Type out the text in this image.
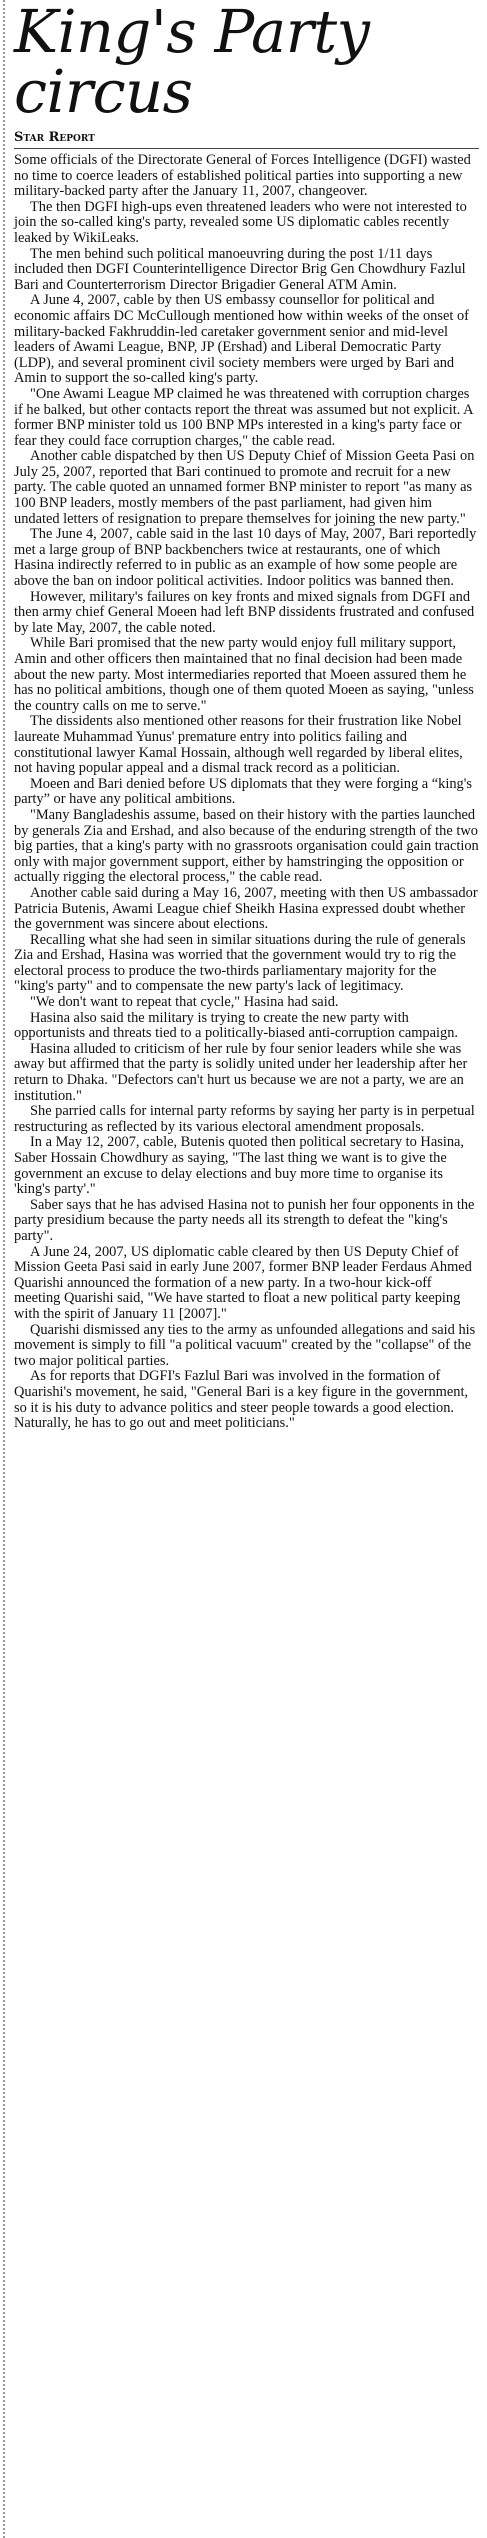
King's Party circus
Star Report

Some officials of the Directorate General of Forces Intelligence (DGFI) wasted no time to coerce leaders of established political parties into supporting a new military-backed party after the January 11, 2007, changeover.

The then DGFI high-ups even threatened leaders who were not interested to join the so-called king's party, revealed some US diplomatic cables recently leaked by WikiLeaks.

The men behind such political manoeuvring during the post 1/11 days included then DGFI Counterintelligence Director Brig Gen Chowdhury Fazlul Bari and Counterterrorism Director Brigadier General ATM Amin.

A June 4, 2007, cable by then US embassy counsellor for political and economic affairs DC McCullough mentioned how within weeks of the onset of military-backed Fakhruddin-led caretaker government senior and mid-level leaders of Awami League, BNP, JP (Ershad) and Liberal Democratic Party (LDP), and several prominent civil society members were urged by Bari and Amin to support the so-called king's party.

"One Awami League MP claimed he was threatened with corruption charges if he balked, but other contacts report the threat was assumed but not explicit. A former BNP minister told us 100 BNP MPs interested in a king's party face or fear they could face corruption charges," the cable read.

Another cable dispatched by then US Deputy Chief of Mission Geeta Pasi on July 25, 2007, reported that Bari continued to promote and recruit for a new party. The cable quoted an unnamed former BNP minister to report "as many as 100 BNP leaders, mostly members of the past parliament, had given him undated letters of resignation to prepare themselves for joining the new party."

The June 4, 2007, cable said in the last 10 days of May, 2007, Bari reportedly met a large group of BNP backbenchers twice at restaurants, one of which Hasina indirectly referred to in public as an example of how some people are above the ban on indoor political activities. Indoor politics was banned then.

However, military's failures on key fronts and mixed signals from DGFI and then army chief General Moeen had left BNP dissidents frustrated and confused by late May, 2007, the cable noted.

While Bari promised that the new party would enjoy full military support, Amin and other officers then maintained that no final decision had been made about the new party. Most intermediaries reported that Moeen assured them he has no political ambitions, though one of them quoted Moeen as saying, "unless the country calls on me to serve."

The dissidents also mentioned other reasons for their frustration like Nobel laureate Muhammad Yunus' premature entry into politics failing and constitutional lawyer Kamal Hossain, although well regarded by liberal elites, not having popular appeal and a dismal track record as a politician.

Moeen and Bari denied before US diplomats that they were forging a “king's party” or have any political ambitions.

"Many Bangladeshis assume, based on their history with the parties launched by generals Zia and Ershad, and also because of the enduring strength of the two big parties, that a king's party with no grassroots organisation could gain traction only with major government support, either by hamstringing the opposition or actually rigging the electoral process," the cable read.

Another cable said during a May 16, 2007, meeting with then US ambassador Patricia Butenis, Awami League chief Sheikh Hasina expressed doubt whether the government was sincere about elections.

Recalling what she had seen in similar situations during the rule of generals Zia and Ershad, Hasina was worried that the government would try to rig the electoral process to produce the two-thirds parliamentary majority for the "king's party" and to compensate the new party's lack of legitimacy.

"We don't want to repeat that cycle," Hasina had said.

Hasina also said the military is trying to create the new party with opportunists and threats tied to a politically-biased anti-corruption campaign.

Hasina alluded to criticism of her rule by four senior leaders while she was away but affirmed that the party is solidly united under her leadership after her return to Dhaka. "Defectors can't hurt us because we are not a party, we are an institution."

She parried calls for internal party reforms by saying her party is in perpetual restructuring as reflected by its various electoral amendment proposals.

In a May 12, 2007, cable, Butenis quoted then political secretary to Hasina, Saber Hossain Chowdhury as saying, "The last thing we want is to give the government an excuse to delay elections and buy more time to organise its 'king's party'."

Saber says that he has advised Hasina not to punish her four opponents in the party presidium because the party needs all its strength to defeat the "king's party".

A June 24, 2007, US diplomatic cable cleared by then US Deputy Chief of Mission Geeta Pasi said in early June 2007, former BNP leader Ferdaus Ahmed Quarishi announced the formation of a new party. In a two-hour kick-off meeting Quarishi said, "We have started to float a new political party keeping with the spirit of January 11 [2007]."

Quarishi dismissed any ties to the army as unfounded allegations and said his movement is simply to fill "a political vacuum" created by the "collapse" of the two major political parties.

As for reports that DGFI's Fazlul Bari was involved in the formation of Quarishi's movement, he said, "General Bari is a key figure in the government, so it is his duty to advance politics and steer people towards a good election. Naturally, he has to go out and meet politicians."
